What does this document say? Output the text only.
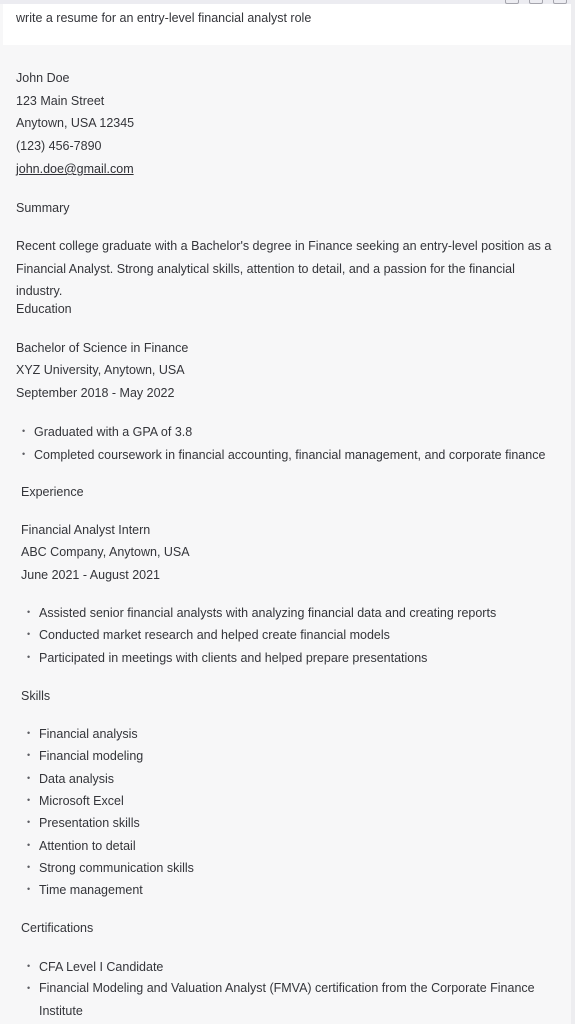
write a resume for an entry-level financial analyst role
John Doe
123 Main Street
Anytown, USA 12345
(123) 456-7890
john.doe@gmail.com
Summary
Recent college graduate with a Bachelor's degree in Finance seeking an entry-level position as a Financial Analyst. Strong analytical skills, attention to detail, and a passion for the financial industry.
Education
Bachelor of Science in Finance
XYZ University, Anytown, USA
September 2018 - May 2022
• Graduated with a GPA of 3.8
• Completed coursework in financial accounting, financial management, and corporate finance
Experience
Financial Analyst Intern
ABC Company, Anytown, USA
June 2021 - August 2021
• Assisted senior financial analysts with analyzing financial data and creating reports
• Conducted market research and helped create financial models
• Participated in meetings with clients and helped prepare presentations
Skills
• Financial analysis
• Financial modeling
• Data analysis
• Microsoft Excel
• Presentation skills
• Attention to detail
• Strong communication skills
• Time management
Certifications
• CFA Level I Candidate
• Financial Modeling and Valuation Analyst (FMVA) certification from the Corporate Finance Institute
